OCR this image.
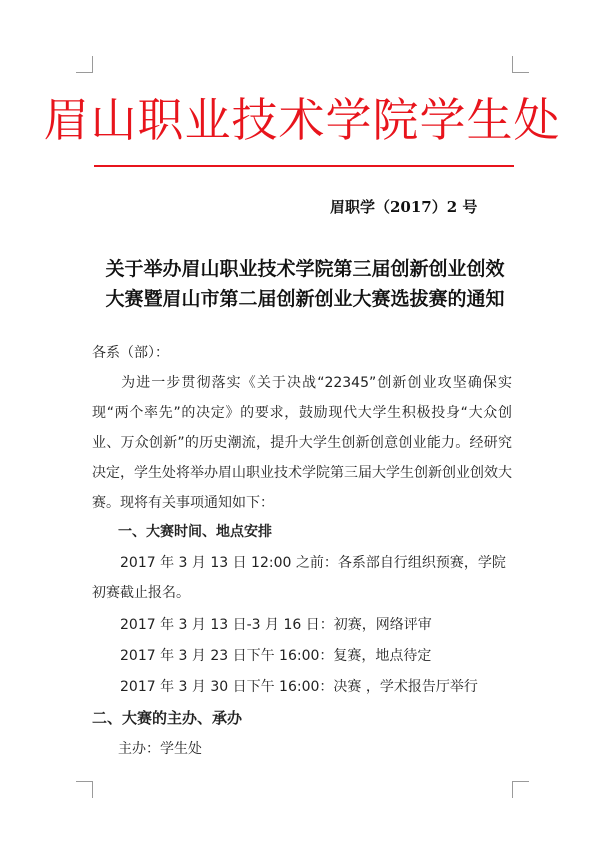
眉山职业技术学院学生处
眉职学（2017）2 号
关于举办眉山职业技术学院第三届创新创业创效
大赛暨眉山市第二届创新创业大赛选拔赛的通知
各系（部）：
为进一步贯彻落实《关于决战“22345”创新创业攻坚确保实现“两个率先”的决定》的要求，鼓励现代大学生积极投身“大众创业、万众创新”的历史潮流，提升大学生创新创意创业能力。经研究决定，学生处将举办眉山职业技术学院第三届大学生创新创业创效大赛。现将有关事项通知如下：
一、大赛时间、地点安排
2017 年 3 月 13 日 12:00 之前：各系部自行组织预赛，学院初赛截止报名。
2017 年 3 月 13 日-3 月 16 日：初赛，网络评审
2017 年 3 月 23 日下午 16:00：复赛，地点待定
2017 年 3 月 30 日下午 16:00：决赛 ，学术报告厅举行
二、大赛的主办、承办
主办：学生处
